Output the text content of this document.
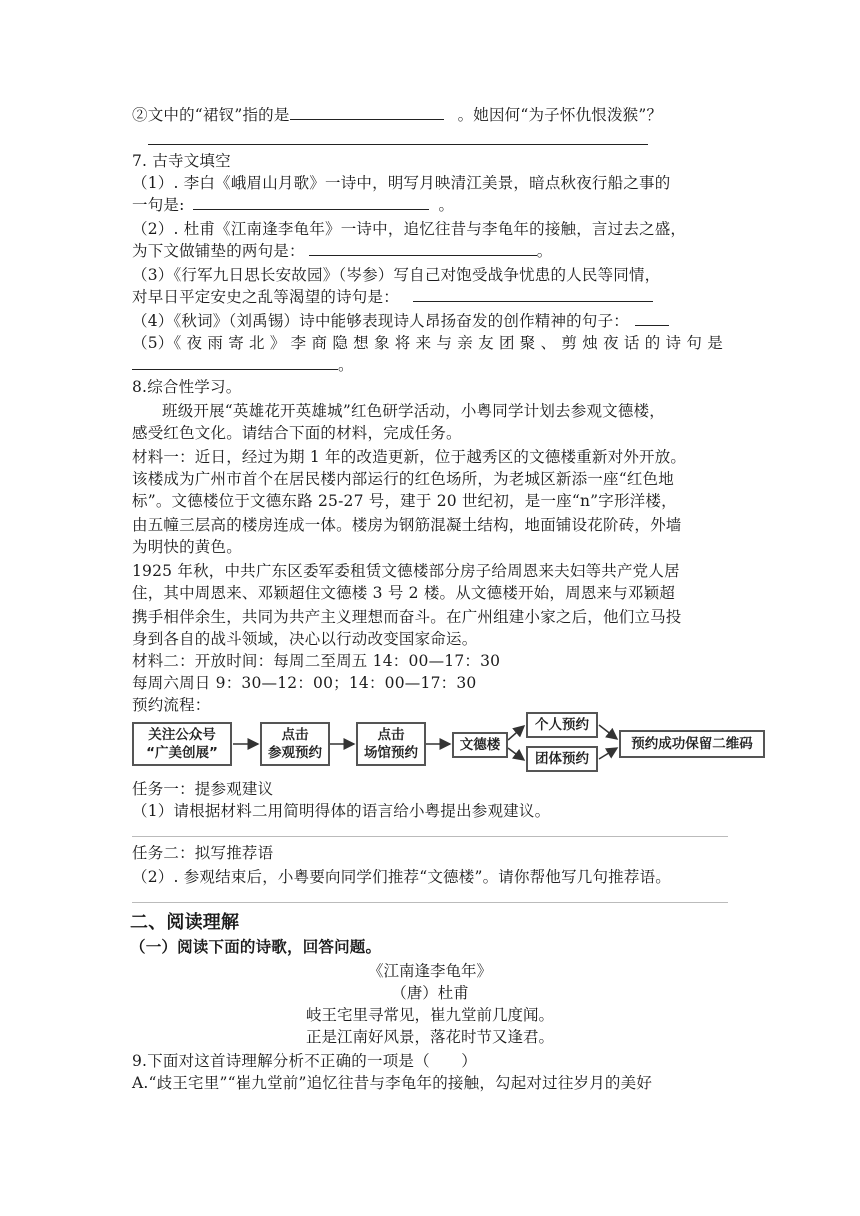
②文中的“裙钗”指的是	。她因何“为子怀仇恨泼猴”？
7. 古寺文填空
（1）. 李白《峨眉山月歌》一诗中，明写月映清江美景，暗点秋夜行船之事的
一句是:	。
（2）. 杜甫《江南逢李龟年》一诗中，追忆往昔与李龟年的接触，言过去之盛，
为下文做铺垫的两句是：	。
（3）《行军九日思长安故园》（岑参）写自己对饱受战争忧患的人民等同情，
对早日平定安史之乱等渴望的诗句是：
（4）《秋词》（刘禹锡）诗中能够表现诗人昂扬奋发的创作精神的句子：
（5）《 夜 雨 寄 北 》 李 商 隐 想 象 将 来 与 亲 友 团 聚 、 剪 烛 夜 话 的 诗 句 是
。
8.综合性学习。
班级开展“英雄花开英雄城”红色研学活动，小粤同学计划去参观文德楼，
感受红色文化。请结合下面的材料，完成任务。
材料一：近日，经过为期 1 年的改造更新，位于越秀区的文德楼重新对外开放。
该楼成为广州市首个在居民楼内部运行的红色场所，为老城区新添一座“红色地
标”。文德楼位于文德东路 25-27 号，建于 20 世纪初，是一座“n”字形洋楼，
由五幢三层高的楼房连成一体。楼房为钢筋混凝土结构，地面铺设花阶砖，外墙
为明快的黄色。
1925 年秋，中共广东区委军委租赁文德楼部分房子给周恩来夫妇等共产党人居
住，其中周恩来、邓颖超住文德楼 3 号 2 楼。从文德楼开始，周恩来与邓颖超
携手相伴余生，共同为共产主义理想而奋斗。在广州组建小家之后，他们立马投
身到各自的战斗领域，决心以行动改变国家命运。
材料二：开放时间：每周二至周五 14：00—17：30
每周六周日 9：30—12：00；14：00—17：30
预约流程：
关注公众号
“广美创展”
点击
参观预约
点击
场馆预约	文德楼
个人预约
团体预约
预约成功保留二维码
任务一：提参观建议
（1）请根据材料二用简明得体的语言给小粤提出参观建议。
任务二：拟写推荐语
（2）. 参观结束后，小粤要向同学们推荐“文德楼”。请你帮他写几句推荐语。
二、阅读理解
（一）阅读下面的诗歌，回答问题。
《江南逢李龟年》
（唐）杜甫
岐王宅里寻常见，崔九堂前几度闻。
正是江南好风景，落花时节又逢君。
9.下面对这首诗理解分析不正确的一项是（　　）
A.“歧王宅里”“崔九堂前”追忆往昔与李龟年的接触，勾起对过往岁月的美好
